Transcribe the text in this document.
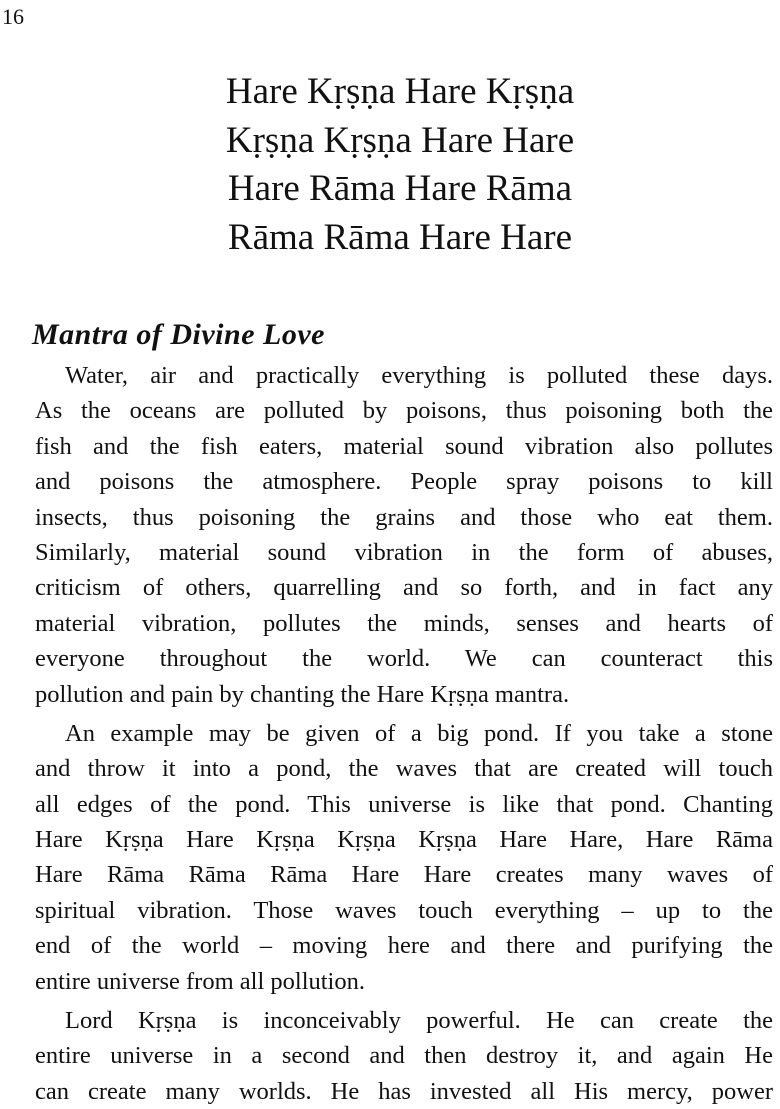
16
Hare Kṛṣṇa Hare Kṛṣṇa
Kṛṣṇa Kṛṣṇa Hare Hare
Hare Rāma Hare Rāma
Rāma Rāma Hare Hare
Mantra of Divine Love
Water, air and practically everything is polluted these days.
As the oceans are polluted by poisons, thus poisoning both the
fish and the fish eaters, material sound vibration also pollutes
and poisons the atmosphere. People spray poisons to kill
insects, thus poisoning the grains and those who eat them.
Similarly, material sound vibration in the form of abuses,
criticism of others, quarrelling and so forth, and in fact any
material vibration, pollutes the minds, senses and hearts of
everyone throughout the world. We can counteract this
pollution and pain by chanting the Hare Kṛṣṇa mantra.
An example may be given of a big pond. If you take a stone
and throw it into a pond, the waves that are created will touch
all edges of the pond. This universe is like that pond. Chanting
Hare Kṛṣṇa Hare Kṛṣṇa Kṛṣṇa Kṛṣṇa Hare Hare, Hare Rāma
Hare Rāma Rāma Rāma Hare Hare creates many waves of
spiritual vibration. Those waves touch everything – up to the
end of the world – moving here and there and purifying the
entire universe from all pollution.
Lord Kṛṣṇa is inconceivably powerful. He can create the
entire universe in a second and then destroy it, and again He
can create many worlds. He has invested all His mercy, power
